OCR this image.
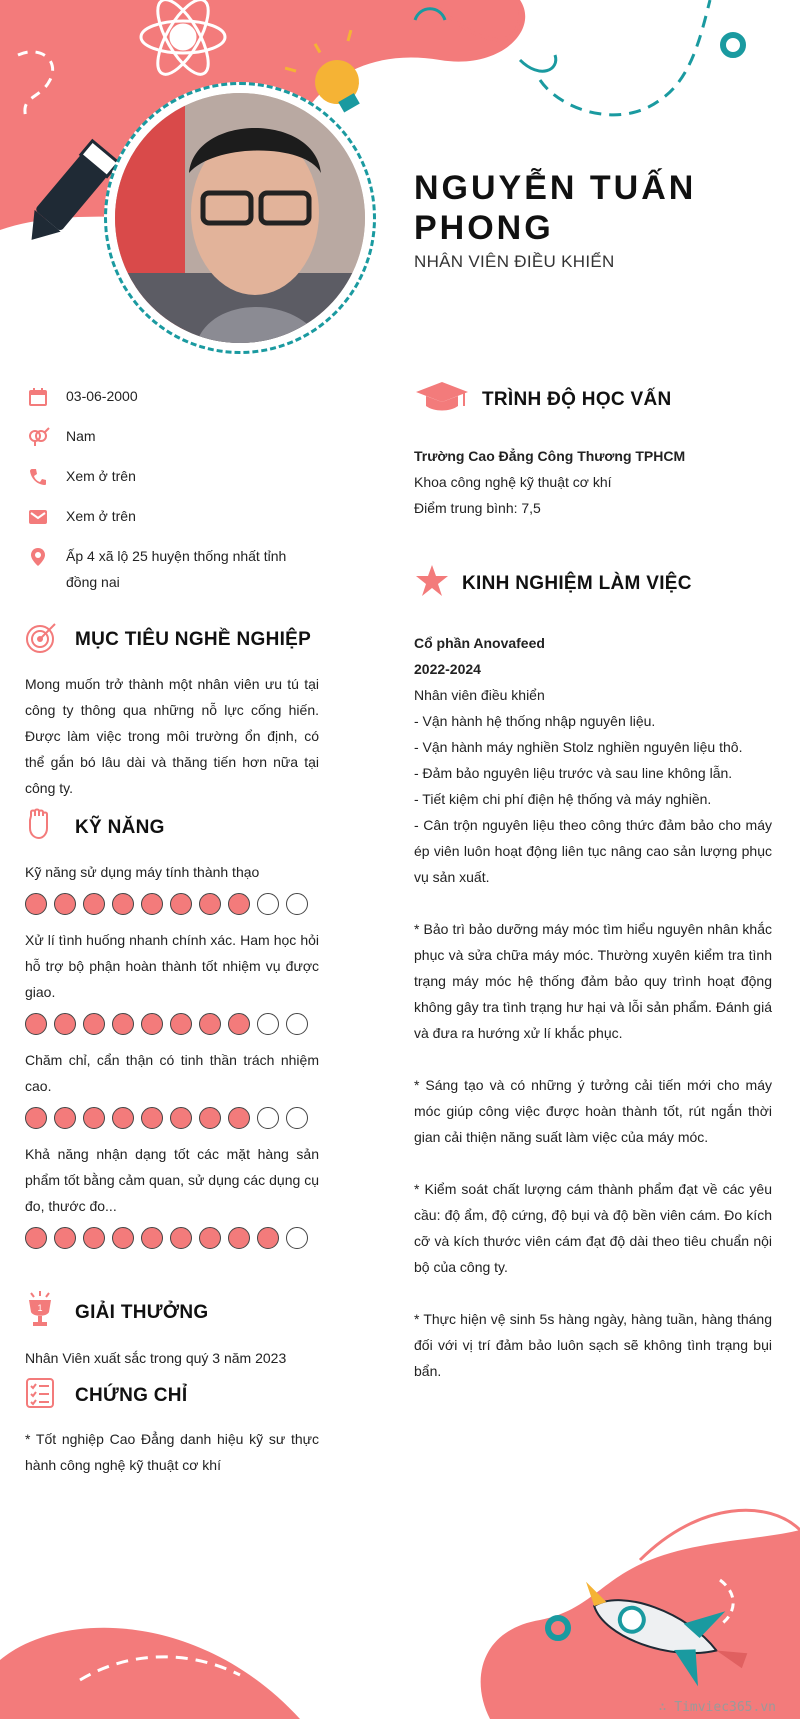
NGUYỄN TUẤN PHONG
NHÂN VIÊN ĐIỀU KHIỂN
03-06-2000
Nam
Xem ở trên
Xem ở trên
Ấp 4 xã lộ 25 huyện thống nhất tỉnh đồng nai
MỤC TIÊU NGHỀ NGHIỆP

Mong muốn trở thành một nhân viên ưu tú tại công ty thông qua những nỗ lực cống hiến. Được làm việc trong môi trường ổn định, có thể gắn bó lâu dài và thăng tiến hơn nữa tại công ty.

KỸ NĂNG

Kỹ năng sử dụng máy tính thành thạo

Xử lí tình huống nhanh chính xác. Ham học hỏi hỗ trợ bộ phận hoàn thành tốt nhiệm vụ được giao.

Chăm chỉ, cẩn thận có tinh thần trách nhiệm cao.

Khả năng nhận dạng tốt các mặt hàng sản phẩm tốt bằng cảm quan, sử dụng các dụng cụ đo, thước đo...

1 GIẢI THƯỞNG

Nhân Viên xuất sắc trong quý 3 năm 2023

CHỨNG CHỈ

* Tốt nghiệp Cao Đẳng danh hiệu kỹ sư thực hành công nghệ kỹ thuật cơ khí

TRÌNH ĐỘ HỌC VẤN

Trường Cao Đẳng Công Thương TPHCM

Khoa công nghệ kỹ thuật cơ khí

Điểm trung bình: 7,5

KINH NGHIỆM LÀM VIỆC

Cổ phần Anovafeed

2022-2024

Nhân viên điều khiển

- Vận hành hệ thống nhập nguyên liệu.

- Vận hành máy nghiền Stolz nghiền nguyên liệu thô.

- Đảm bảo nguyên liệu trước và sau line không lẫn.

- Tiết kiệm chi phí điện hệ thống và máy nghiền.

- Cân trộn nguyên liệu theo công thức đảm bảo cho máy ép viên luôn hoạt động liên tục nâng cao sản lượng phục vụ sản xuất.

* Bảo trì bảo dưỡng máy móc tìm hiểu nguyên nhân khắc phục và sửa chữa máy móc. Thường xuyên kiểm tra tình trạng máy móc hệ thống đảm bảo quy trình hoạt động không gây tra tình trạng hư hại và lỗi sản phẩm. Đánh giá và đưa ra hướng xử lí khắc phục.

* Sáng tạo và có những ý tưởng cải tiến mới cho máy móc giúp công việc được hoàn thành tốt, rút ngắn thời gian cải thiện năng suất làm việc của máy móc.

* Kiểm soát chất lượng cám thành phẩm đạt về các yêu cầu: độ ẩm, độ cứng, độ bụi và độ bền viên cám. Đo kích cỡ và kích thước viên cám đạt độ dài theo tiêu chuẩn nội bộ của công ty.

* Thực hiện vệ sinh 5s hàng ngày, hàng tuần, hàng tháng đối với vị trí đảm bảo luôn sạch sẽ không tình trạng bụi bẩn.

∴ Timviec365.vn
